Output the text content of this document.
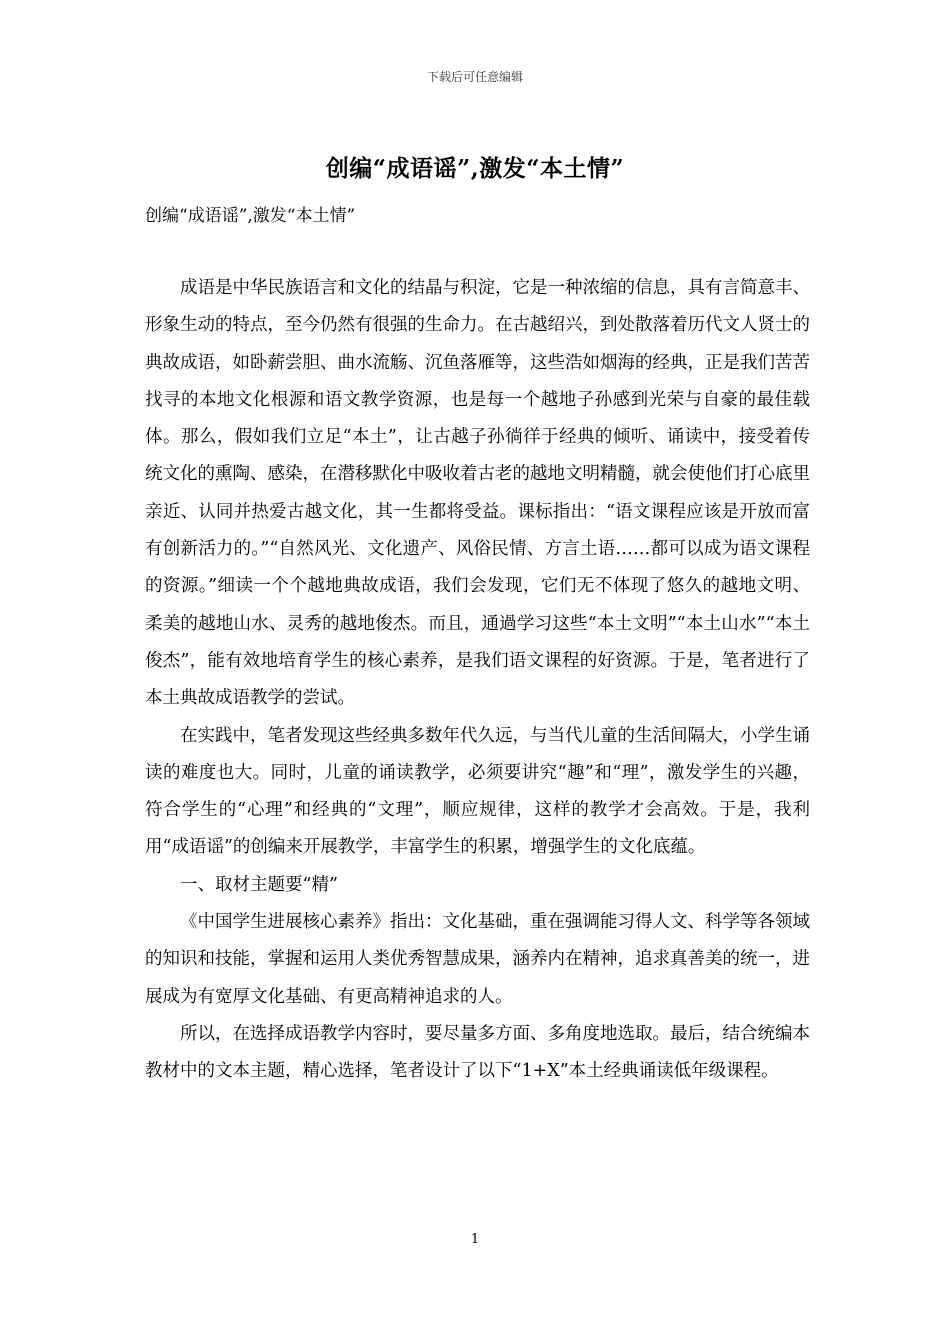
下载后可任意编辑
创编“成语谣”,激发“本土情”
创编“成语谣”,激发“本土情”

成语是中华民族语言和文化的结晶与积淀，它是一种浓缩的信息，具有言简意丰、形象生动的特点，至今仍然有很强的生命力。在古越绍兴，到处散落着历代文人贤士的典故成语，如卧薪尝胆、曲水流觞、沉鱼落雁等，这些浩如烟海的经典，正是我们苦苦找寻的本地文化根源和语文教学资源，也是每一个越地子孙感到光荣与自豪的最佳载体。那么，假如我们立足“本土”，让古越子孙徜徉于经典的倾听、诵读中，接受着传统文化的熏陶、感染，在潜移默化中吸收着古老的越地文明精髓，就会使他们打心底里亲近、认同并热爱古越文化，其一生都将受益。课标指出：“语文课程应该是开放而富有创新活力的。”“自然风光、文化遗产、风俗民情、方言土语……都可以成为语文课程的资源。”细读一个个越地典故成语，我们会发现，它们无不体现了悠久的越地文明、柔美的越地山水、灵秀的越地俊杰。而且，通過学习这些“本土文明”“本土山水”“本土俊杰”，能有效地培育学生的核心素养，是我们语文课程的好资源。于是，笔者进行了本土典故成语教学的尝试。

在实践中，笔者发现这些经典多数年代久远，与当代儿童的生活间隔大，小学生诵读的难度也大。同时，儿童的诵读教学，必须要讲究“趣”和“理”，激发学生的兴趣，符合学生的“心理”和经典的“文理”，顺应规律，这样的教学才会高效。于是，我利用“成语谣”的创编来开展教学，丰富学生的积累，增强学生的文化底蕴。

一、取材主题要“精”

《中国学生进展核心素养》指出：文化基础，重在强调能习得人文、科学等各领域的知识和技能，掌握和运用人类优秀智慧成果，涵养内在精神，追求真善美的统一，进展成为有宽厚文化基础、有更高精神追求的人。

所以，在选择成语教学内容时，要尽量多方面、多角度地选取。最后，结合统编本教材中的文本主题，精心选择，笔者设计了以下“1+X”本土经典诵读低年级课程。

1
